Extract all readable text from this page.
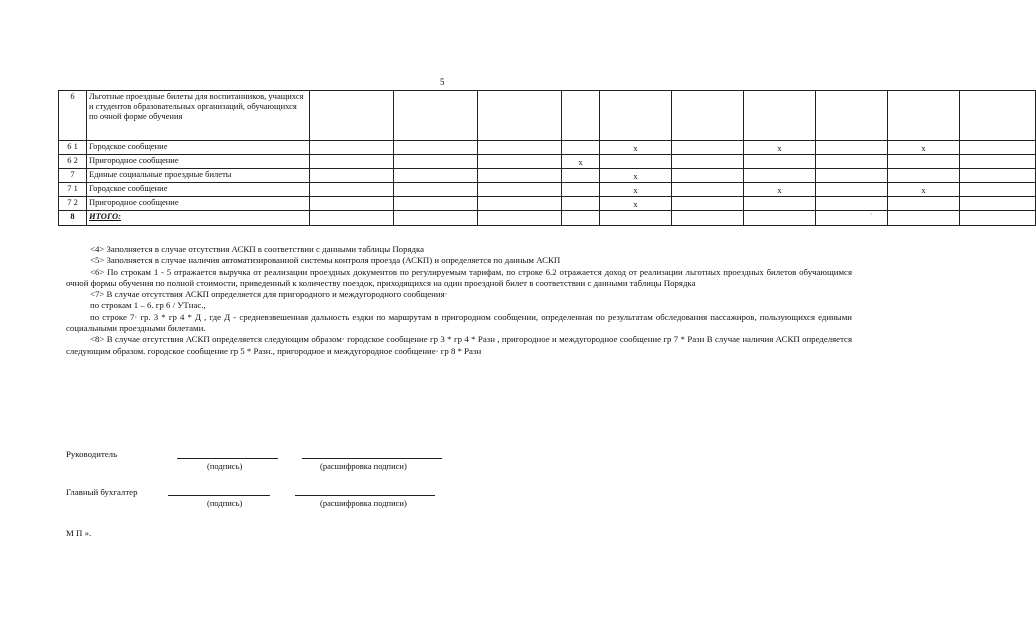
5
6	Льготные проездные билеты для воспитанников, учащихся и студентов образовательных организаций, обучающихся по очной форме обучения										
6 1	Городское сообщение					x		x		x	
6 2	Пригородное сообщение				x						
7	Единые социальные проездные билеты					x					
7 1	Городское сообщение					x		x		x	
7 2	Пригородное сообщение					x					
8	ИТОГО:										

<4> Заполняется в случае отсутствия АСКП в соответствии с данными таблицы Порядка

<5> Заполняется в случае наличия автоматизированной системы контроля проезда (АСКП) и определяется по данным АСКП

<6> По строкам 1 - 5 отражается выручка от реализации проездных документов по регулируемым тарифам, по строке 6.2 отражается доход от реализации льготных проездных билетов обучающимся очной формы обучения по полной стоимости, приведенный к количеству поездок, приходящихся на один проездной билет в соответствии с данными таблицы Порядка

<7> В случае отсутствия АСКП определяется для пригородного и междугородного сообщения·

по строкам 1 – 6. гр 6 / УТнас.,

по строке 7· гр. 3 * гр 4 * Д , где Д - средневзвешенная дальность ездки по маршрутам в пригородном сообщении, определенная по результатам обследования пассажиров, пользующихся едиными социальными проездными билетами.

<8> В случае отсутствия АСКП определяется следующим образом· городское сообщение гр 3 * гр 4 * Разн , пригородное и междугородное сообщение гр 7 * Разн В случае наличия АСКП определяется следующим образом. городское сообщение гр 5 * Разн., пригородное и междугородное сообщение· гр 8 * Разн

Руководитель
(подпись)	(расшифровка подписи)
Главный бухгалтер
(подпись)	(расшифровка подписи)
М П ».
·
